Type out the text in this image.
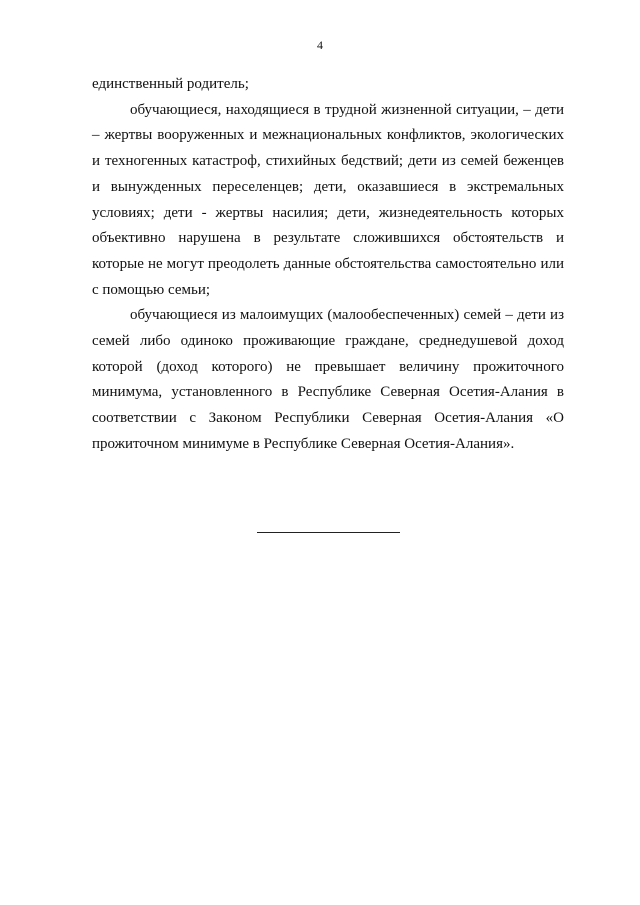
4

единственный родитель;

обучающиеся, находящиеся в трудной жизненной ситуации, – дети – жертвы вооруженных и межнациональных конфликтов, экологических и техногенных катастроф, стихийных бедствий; дети из семей беженцев и вынужденных переселенцев; дети, оказавшиеся в экстремальных условиях; дети - жертвы насилия; дети, жизнедеятельность которых объективно нарушена в результате сложившихся обстоятельств и которые не могут преодолеть данные обстоятельства самостоятельно или с помощью семьи;

обучающиеся из малоимущих (малообеспеченных) семей – дети из семей либо одиноко проживающие граждане, среднедушевой доход которой (доход которого) не превышает величину прожиточного минимума, установленного в Республике Северная Осетия-Алания в соответствии с Законом Республики Северная Осетия-Алания «О прожиточном минимуме в Республике Северная Осетия-Алания».
